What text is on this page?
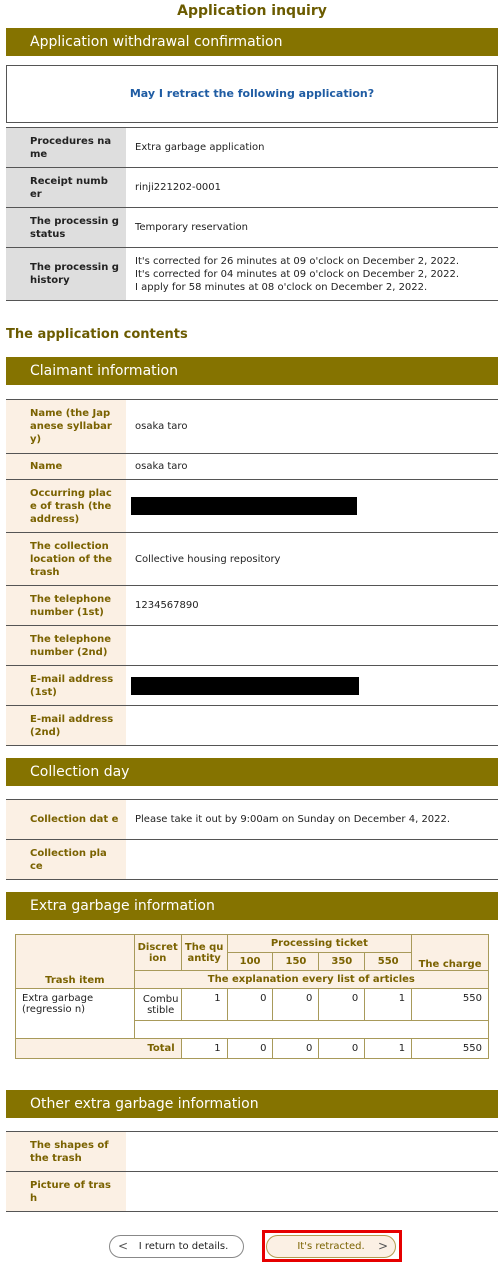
Application inquiry
Application withdrawal confirmation
May I retract the following application?
Procedures na me	Extra garbage application
Receipt numb er	rinji221202-0001
The processin g status	Temporary reservation
The processin g history	It's corrected for 26 minutes at 09 o'clock on December 2, 2022.
It's corrected for 04 minutes at 09 o'clock on December 2, 2022.
I apply for 58 minutes at 08 o'clock on December 2, 2022.
The application contents
Claimant information
Name (the Jap anese syllabar y)	osaka taro
Name	osaka taro
Occurring plac e of trash (the address)	
The collection location of the trash	Collective housing repository
The telephone number (1st)	1234567890
The telephone number (2nd)	
E-mail address (1st)	
E-mail address (2nd)	
Collection day
Collection dat e	Please take it out by 9:00am on Sunday on December 4, 2022.
Collection pla ce	
Extra garbage information
Trash item	Discret ion	The qu antity	Processing ticket				The charge
			100	150	350	550	
	The explanation every list of articles						
Extra garbage (regressio n)	Combu stible	1	0	0	0	1	550

Total		1	0	0	0	1	550
Other extra garbage information
The shapes of the trash	
Picture of tras h	
< I return to details.	It's retracted. >
